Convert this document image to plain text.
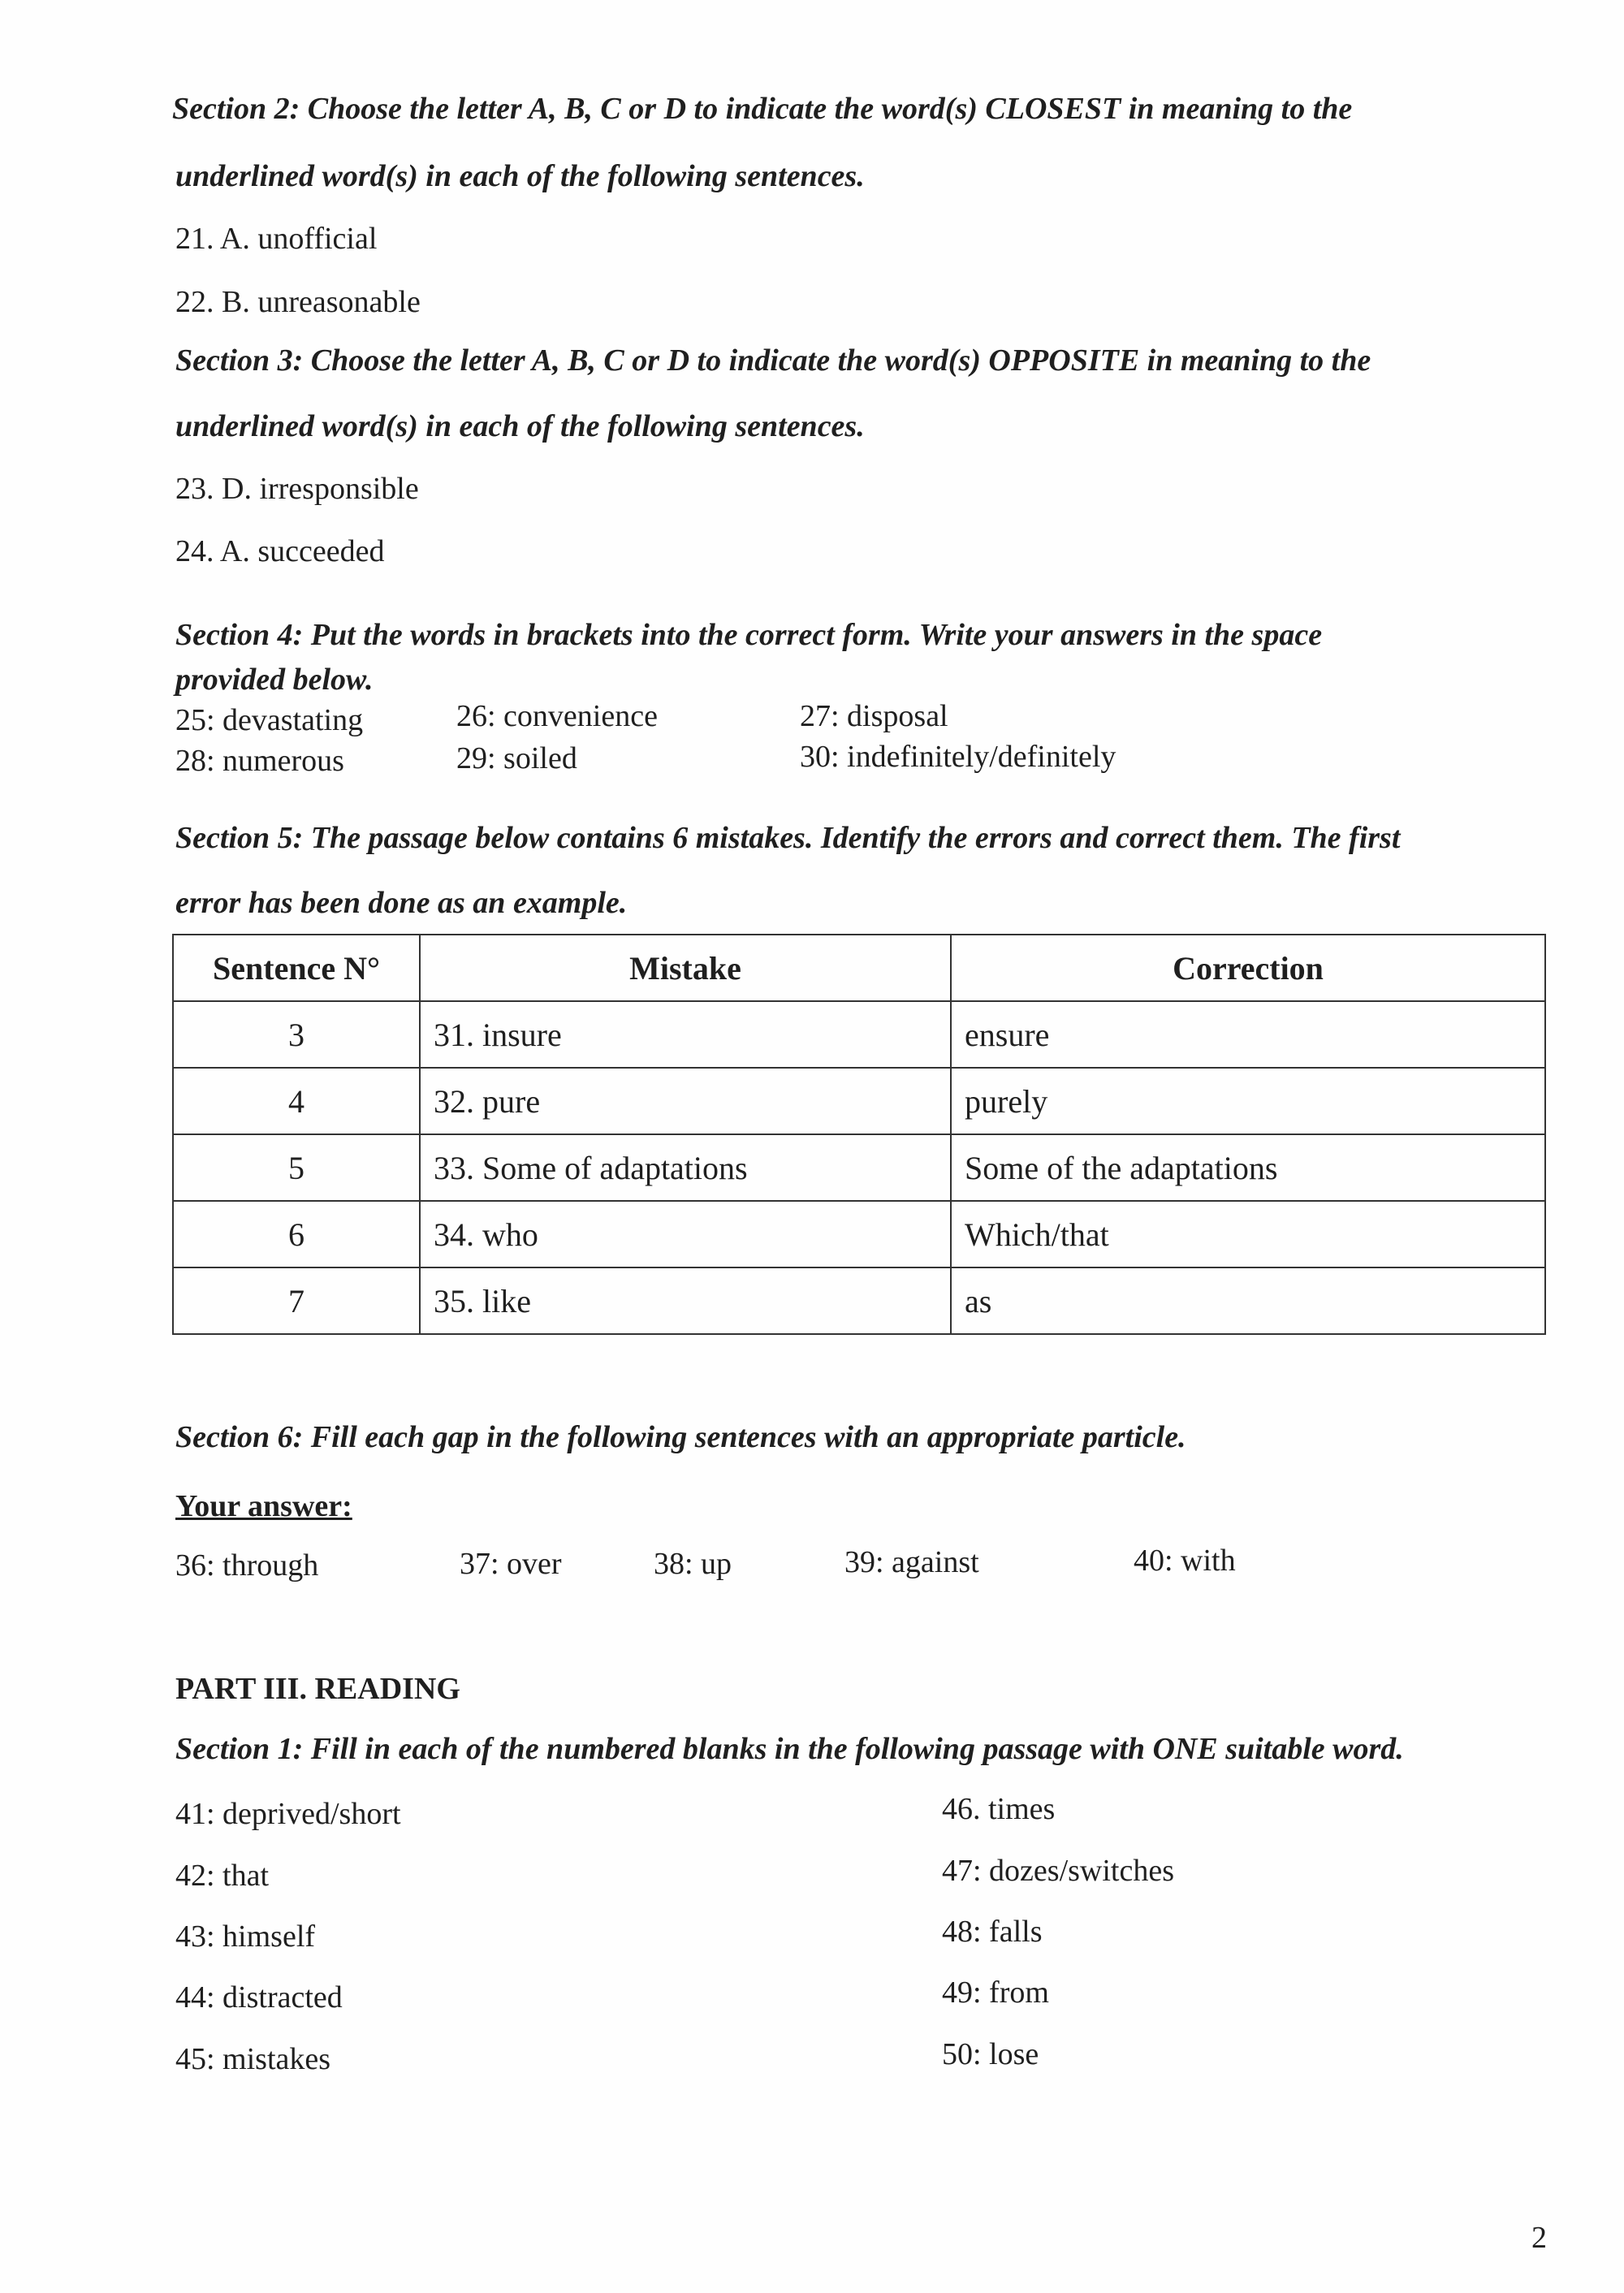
Section 2: Choose the letter A, B, C or D to indicate the word(s) CLOSEST in meaning to the
underlined word(s) in each of the following sentences.
21. A. unofficial
22. B. unreasonable
Section 3: Choose the letter A, B, C or D to indicate the word(s) OPPOSITE in meaning to the
underlined word(s) in each of the following sentences.
23. D. irresponsible
24. A. succeeded
Section 4: Put the words in brackets into the correct form. Write your answers in the space
provided below.
25: devastating	26: convenience	27: disposal
28: numerous	29: soiled	30: indefinitely/definitely
Section 5: The passage below contains 6 mistakes. Identify the errors and correct them. The first
error has been done as an example.
Sentence N°	Mistake	Correction
3	31. insure	ensure
4	32. pure	purely
5	33. Some of adaptations	Some of the adaptations
6	34. who	Which/that
7	35. like	as
Section 6: Fill each gap in the following sentences with an appropriate particle.
Your answer:
36: through	37: over	38: up	39: against	40: with
PART III. READING
Section 1: Fill in each of the numbered blanks in the following passage with ONE suitable word.
41: deprived/short
42: that
43: himself
44: distracted
45: mistakes
46. times
47: dozes/switches
48: falls
49: from
50: lose
2
